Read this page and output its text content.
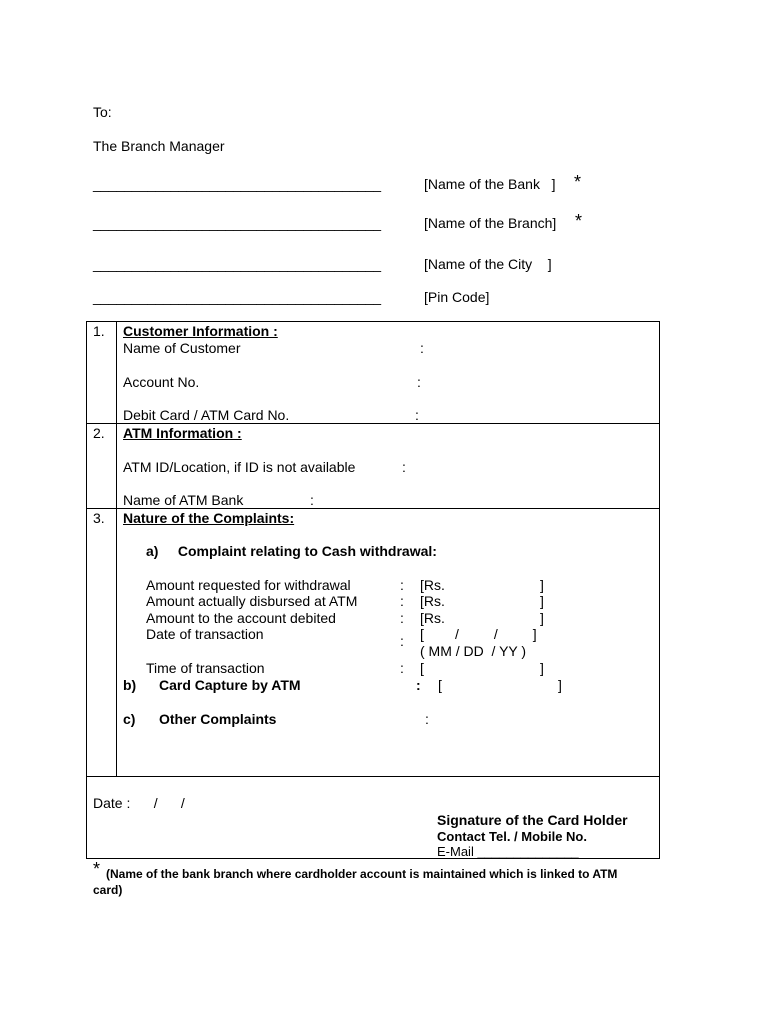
To:
The Branch Manager
_____________________________________	[Name of the Bank   ] *
_____________________________________	[Name of the Branch] *
_____________________________________	[Name of the City    ]
_____________________________________	[Pin Code]
1. Customer Information :
Name of Customer	:
Account No.	:
Debit Card / ATM Card No.	:
2. ATM Information :
ATM ID/Location, if ID is not available	:
Name of ATM Bank	:
3. Nature of the Complaints:
a)     Complaint relating to Cash withdrawal:
Amount requested for withdrawal	: [Rs.	]
Amount actually disbursed at ATM	: [Rs.	]
Amount to the account debited	: [Rs.	]
Date of transaction	: [        /         /         ]
( MM / DD  / YY )
Time of transaction	: [	]
b) Card Capture by ATM	: [	]
c) Other Complaints	:
Date :      /      /
Signature of the Card Holder
Contact Tel. / Mobile No.
E-Mail ______________
* (Name of the bank branch where cardholder account is maintained which is linked to ATM
card)
